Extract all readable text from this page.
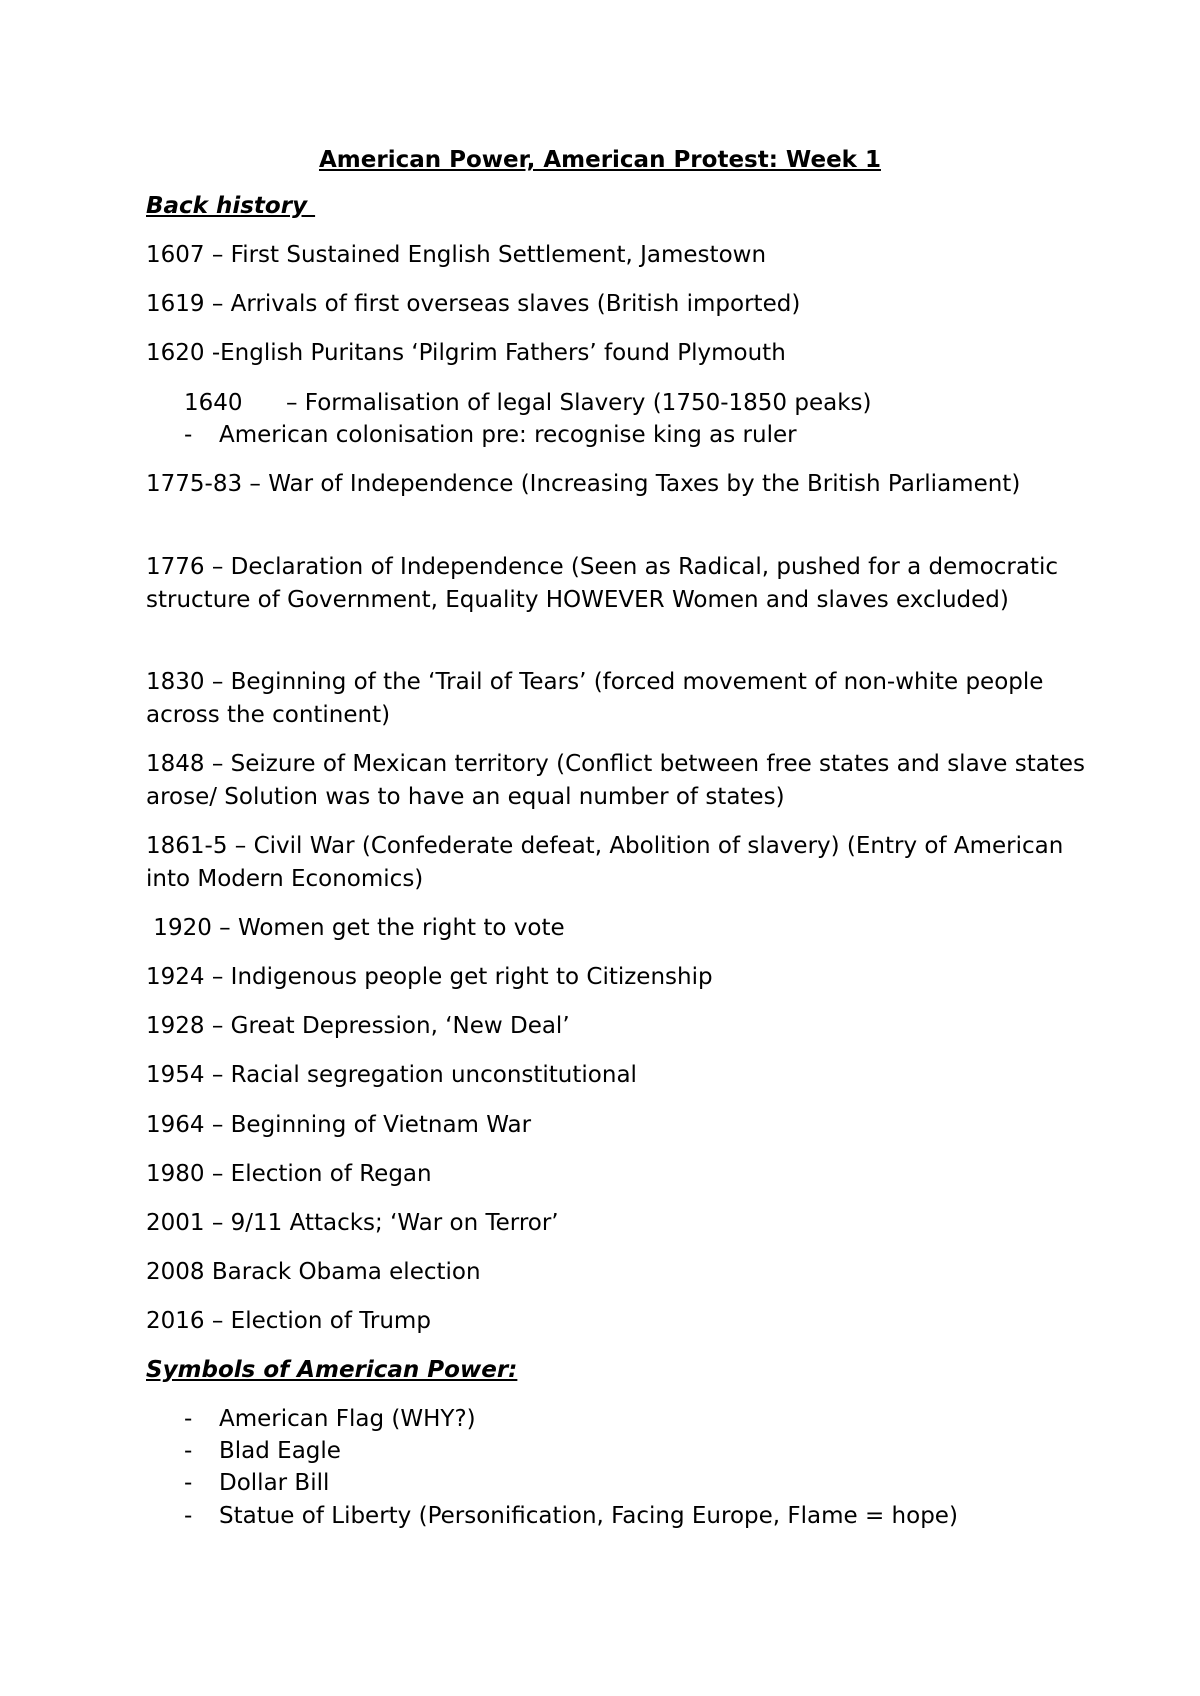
American Power, American Protest: Week 1
Back history
1607 – First Sustained English Settlement, Jamestown
1619 – Arrivals of first overseas slaves (British imported)
1620 -English Puritans ‘Pilgrim Fathers’ found Plymouth
1640 – Formalisation of legal Slavery (1750-1850 peaks)
- American colonisation pre: recognise king as ruler
1775-83 – War of Independence (Increasing Taxes by the British Parliament)
1776 – Declaration of Independence (Seen as Radical, pushed for a democratic structure of Government, Equality HOWEVER Women and slaves excluded)
1830 – Beginning of the ‘Trail of Tears’ (forced movement of non-white people across the continent)
1848 – Seizure of Mexican territory (Conflict between free states and slave states arose/ Solution was to have an equal number of states)
1861-5 – Civil War (Confederate defeat, Abolition of slavery) (Entry of American into Modern Economics)
1920 – Women get the right to vote
1924 – Indigenous people get right to Citizenship
1928 – Great Depression, ‘New Deal’
1954 – Racial segregation unconstitutional
1964 – Beginning of Vietnam War
1980 – Election of Regan
2001 – 9/11 Attacks; ‘War on Terror’
2008 Barack Obama election
2016 – Election of Trump
Symbols of American Power:
- American Flag (WHY?)
- Blad Eagle
- Dollar Bill
- Statue of Liberty (Personification, Facing Europe, Flame = hope)
